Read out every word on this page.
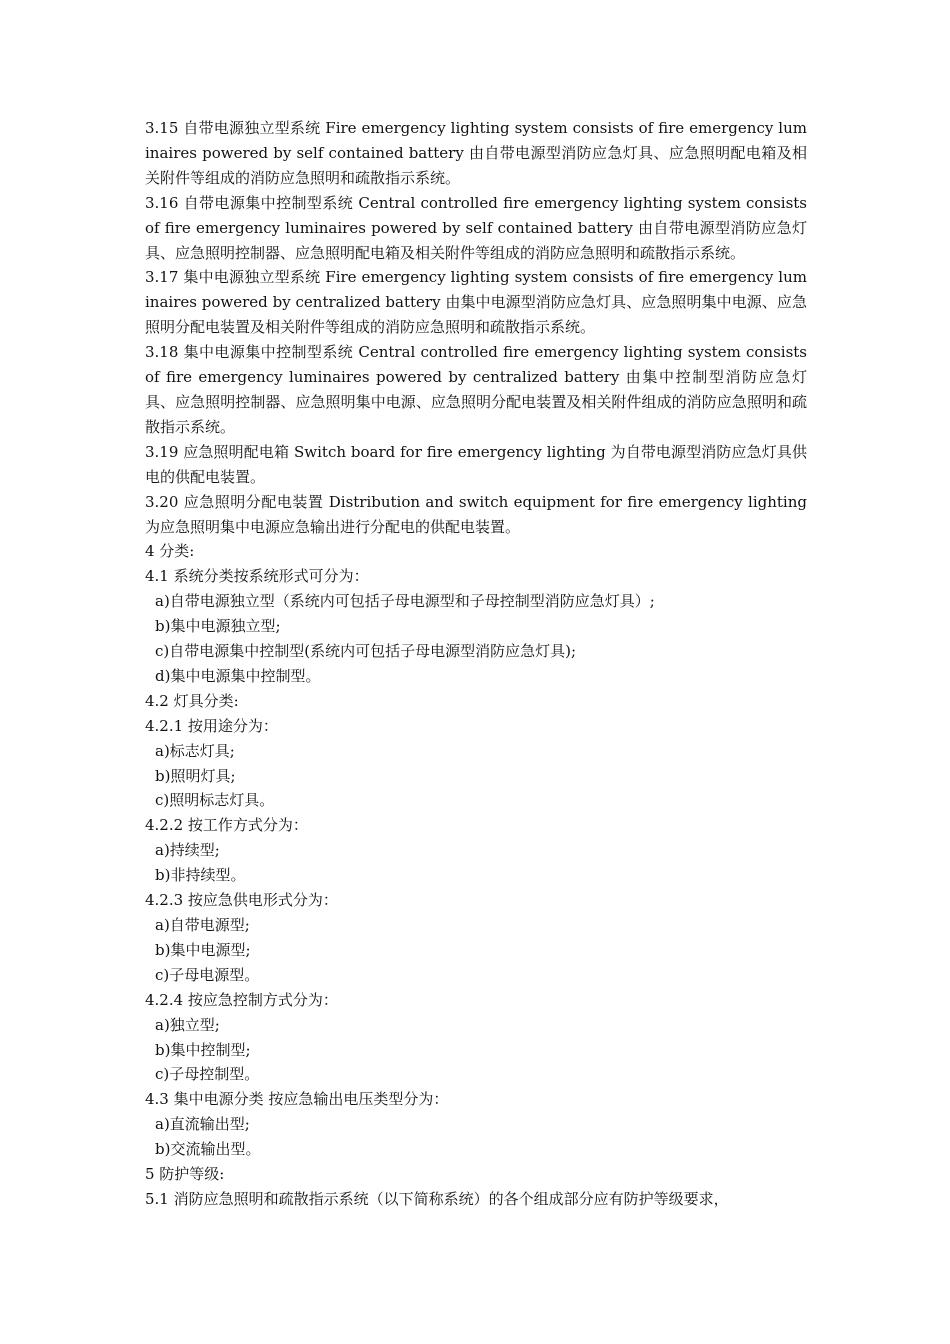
3.15 自带电源独立型系统 Fire emergency lighting system consists of fire emergency luminaires powered by self contained battery 由自带电源型消防应急灯具、应急照明配电箱及相关附件等组成的消防应急照明和疏散指示系统。

3.16 自带电源集中控制型系统 Central controlled fire emergency lighting system consists of fire emergency luminaires powered by self contained battery 由自带电源型消防应急灯具、应急照明控制器、应急照明配电箱及相关附件等组成的消防应急照明和疏散指示系统。

3.17 集中电源独立型系统 Fire emergency lighting system consists of fire emergency luminaires powered by centralized battery 由集中电源型消防应急灯具、应急照明集中电源、应急照明分配电装置及相关附件等组成的消防应急照明和疏散指示系统。

3.18 集中电源集中控制型系统 Central controlled fire emergency lighting system consists of fire emergency luminaires powered by centralized battery 由集中控制型消防应急灯具、应急照明控制器、应急照明集中电源、应急照明分配电装置及相关附件组成的消防应急照明和疏散指示系统。

3.19 应急照明配电箱 Switch board for fire emergency lighting 为自带电源型消防应急灯具供电的供配电装置。

3.20 应急照明分配电装置 Distribution and switch equipment for fire emergency lighting 为应急照明集中电源应急输出进行分配电的供配电装置。

4 分类:

4.1 系统分类按系统形式可分为：

a)自带电源独立型（系统内可包括子母电源型和子母控制型消防应急灯具）;

b)集中电源独立型;

c)自带电源集中控制型(系统内可包括子母电源型消防应急灯具);

d)集中电源集中控制型。

4.2 灯具分类:

4.2.1 按用途分为：

a)标志灯具;

b)照明灯具;

c)照明标志灯具。

4.2.2 按工作方式分为：

a)持续型;

b)非持续型。

4.2.3 按应急供电形式分为：

a)自带电源型;

b)集中电源型;

c)子母电源型。

4.2.4 按应急控制方式分为：

a)独立型;

b)集中控制型;

c)子母控制型。

4.3 集中电源分类 按应急输出电压类型分为：

a)直流输出型;

b)交流输出型。

5 防护等级:

5.1 消防应急照明和疏散指示系统（以下简称系统）的各个组成部分应有防护等级要求，
